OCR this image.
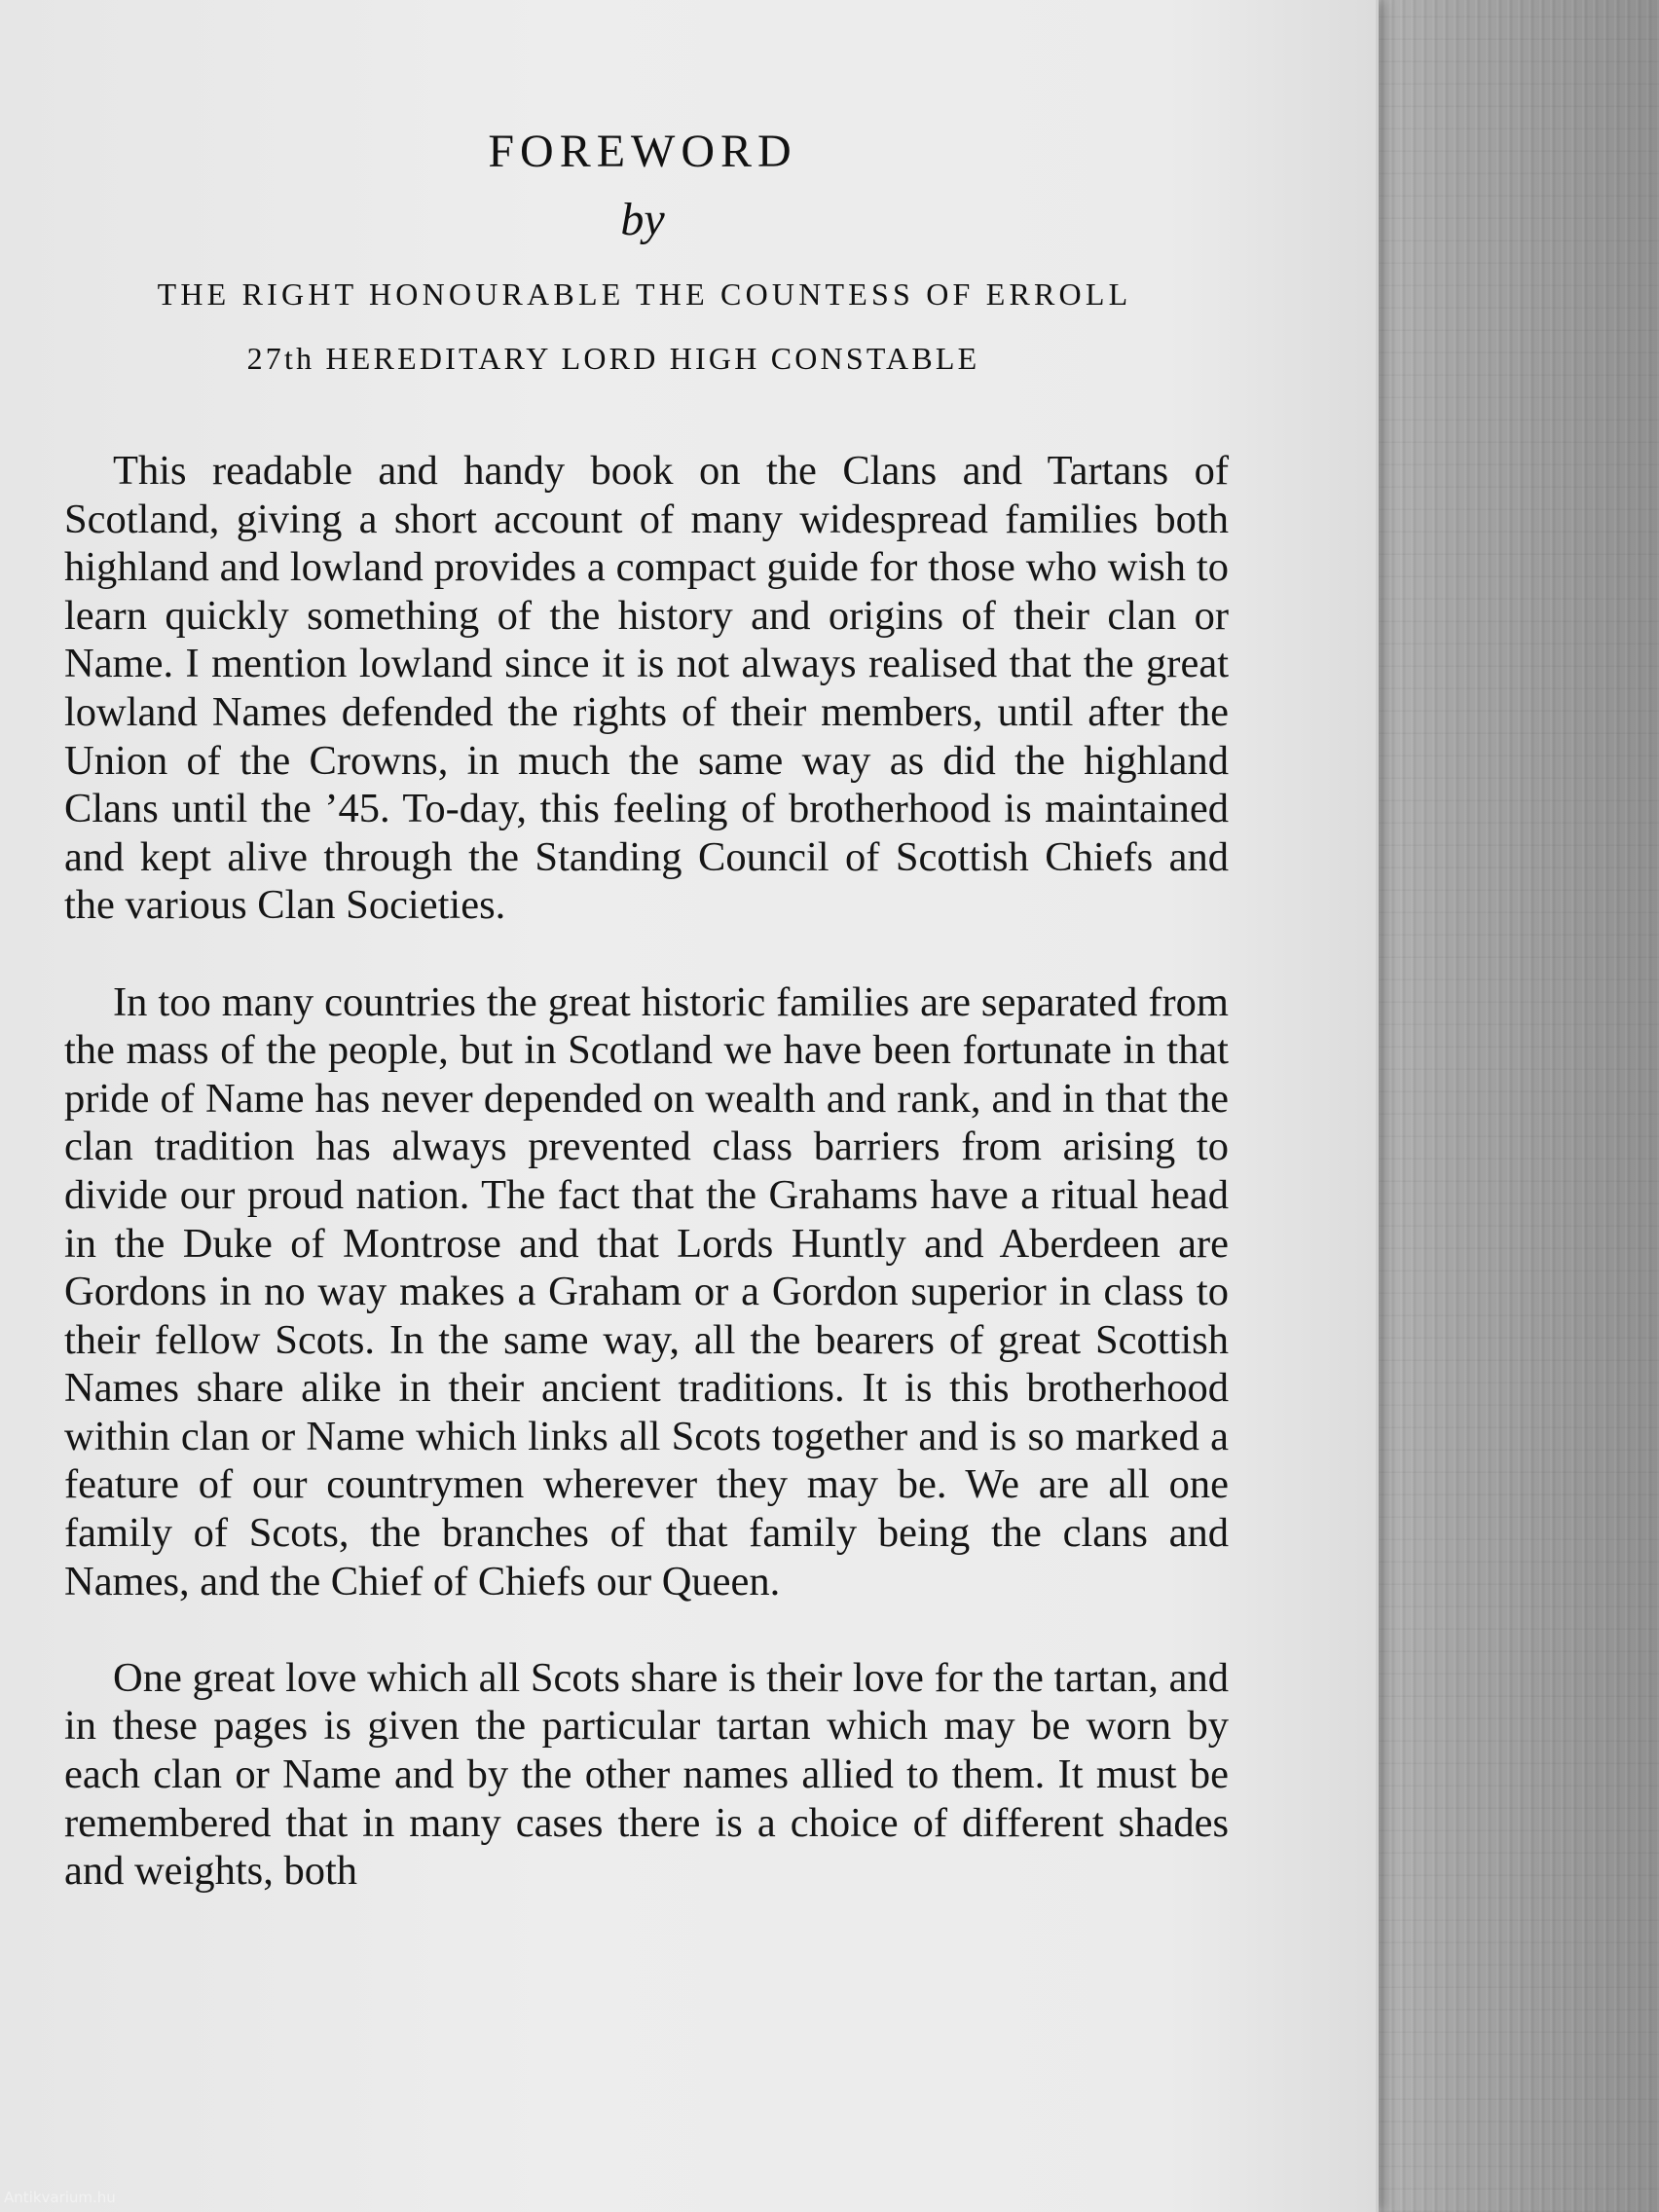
FOREWORD
by
THE RIGHT HONOURABLE THE COUNTESS OF ERROLL
27th HEREDITARY LORD HIGH CONSTABLE

This readable and handy book on the Clans and Tartans of Scotland, giving a short account of many widespread families both highland and lowland provides a compact guide for those who wish to learn quickly something of the history and origins of their clan or Name. I mention lowland since it is not always realised that the great lowland Names defended the rights of their members, until after the Union of the Crowns, in much the same way as did the highland Clans until the ’45. To-day, this feeling of brotherhood is maintained and kept alive through the Standing Council of Scottish Chiefs and the various Clan Societies.

In too many countries the great historic families are separated from the mass of the people, but in Scotland we have been fortunate in that pride of Name has never depended on wealth and rank, and in that the clan tradition has always prevented class barriers from arising to divide our proud nation. The fact that the Grahams have a ritual head in the Duke of Montrose and that Lords Huntly and Aberdeen are Gordons in no way makes a Graham or a Gordon superior in class to their fellow Scots. In the same way, all the bearers of great Scottish Names share alike in their ancient traditions. It is this brotherhood within clan or Name which links all Scots together and is so marked a feature of our countrymen wherever they may be. We are all one family of Scots, the branches of that family being the clans and Names, and the Chief of Chiefs our Queen.

One great love which all Scots share is their love for the tartan, and in these pages is given the particular tartan which may be worn by each clan or Name and by the other names allied to them. It must be remembered that in many cases there is a choice of different shades and weights, both

Antikvarium.hu
